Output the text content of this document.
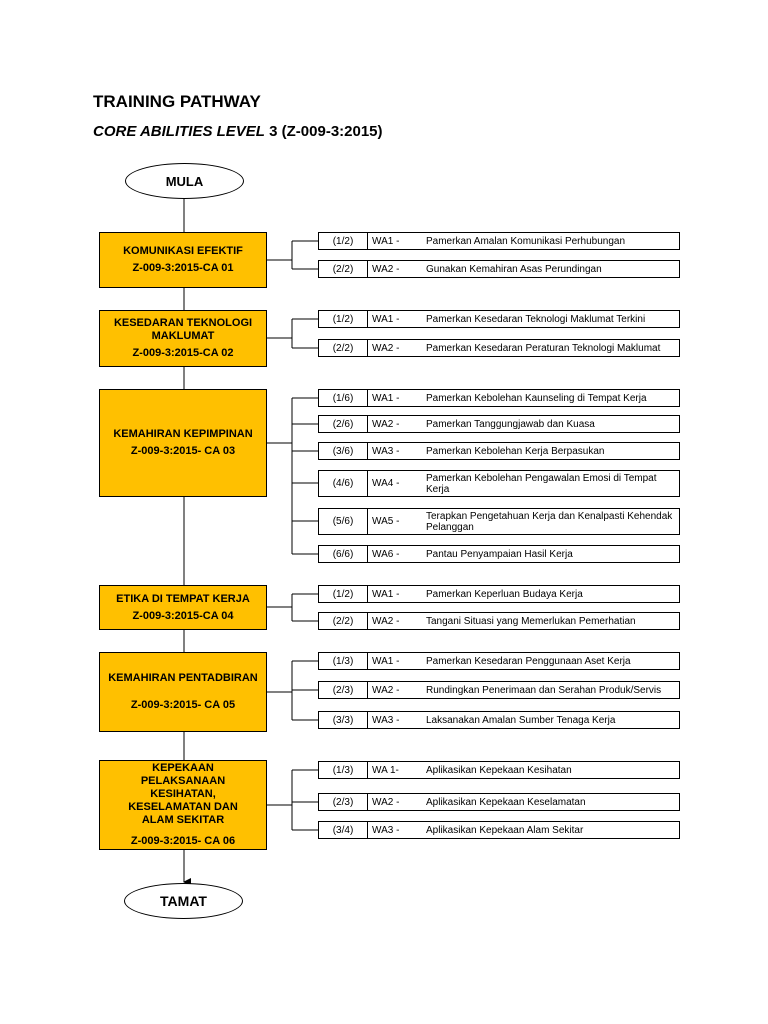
TRAINING PATHWAY
CORE ABILITIES LEVEL 3 (Z-009-3:2015)
MULA
KOMUNIKASI EFEKTIF
Z-009-3:2015-CA 01
KESEDARAN TEKNOLOGI MAKLUMAT
Z-009-3:2015-CA 02
KEMAHIRAN KEPIMPINAN
Z-009-3:2015- CA 03
ETIKA DI TEMPAT KERJA
Z-009-3:2015-CA 04
KEMAHIRAN PENTADBIRAN
Z-009-3:2015- CA 05
KEPEKAAN PELAKSANAAN KESIHATAN, KESELAMATAN DAN ALAM SEKITAR
Z-009-3:2015- CA 06
TAMAT
(1/2)	WA1 -	Pamerkan Amalan Komunikasi Perhubungan
(2/2)	WA2 -	Gunakan Kemahiran Asas Perundingan
(1/2)	WA1 -	Pamerkan Kesedaran Teknologi Maklumat Terkini
(2/2)	WA2 -	Pamerkan Kesedaran Peraturan Teknologi Maklumat
(1/6)	WA1 -	Pamerkan Kebolehan Kaunseling di Tempat Kerja
(2/6)	WA2 -	Pamerkan Tanggungjawab dan Kuasa
(3/6)	WA3 -	Pamerkan Kebolehan Kerja Berpasukan
(4/6)	WA4 -	Pamerkan Kebolehan Pengawalan Emosi di Tempat Kerja
(5/6)	WA5 -	Terapkan Pengetahuan Kerja dan Kenalpasti Kehendak Pelanggan
(6/6)	WA6 -	Pantau Penyampaian Hasil Kerja
(1/2)	WA1 -	Pamerkan Keperluan Budaya Kerja
(2/2)	WA2 -	Tangani Situasi yang Memerlukan Pemerhatian
(1/3)	WA1 -	Pamerkan Kesedaran Penggunaan Aset Kerja
(2/3)	WA2 -	Rundingkan Penerimaan dan Serahan Produk/Servis
(3/3)	WA3 -	Laksanakan Amalan Sumber Tenaga Kerja
(1/3)	WA 1-	Aplikasikan Kepekaan Kesihatan
(2/3)	WA2 -	Aplikasikan Kepekaan Keselamatan
(3/4)	WA3 -	Aplikasikan Kepekaan Alam Sekitar
